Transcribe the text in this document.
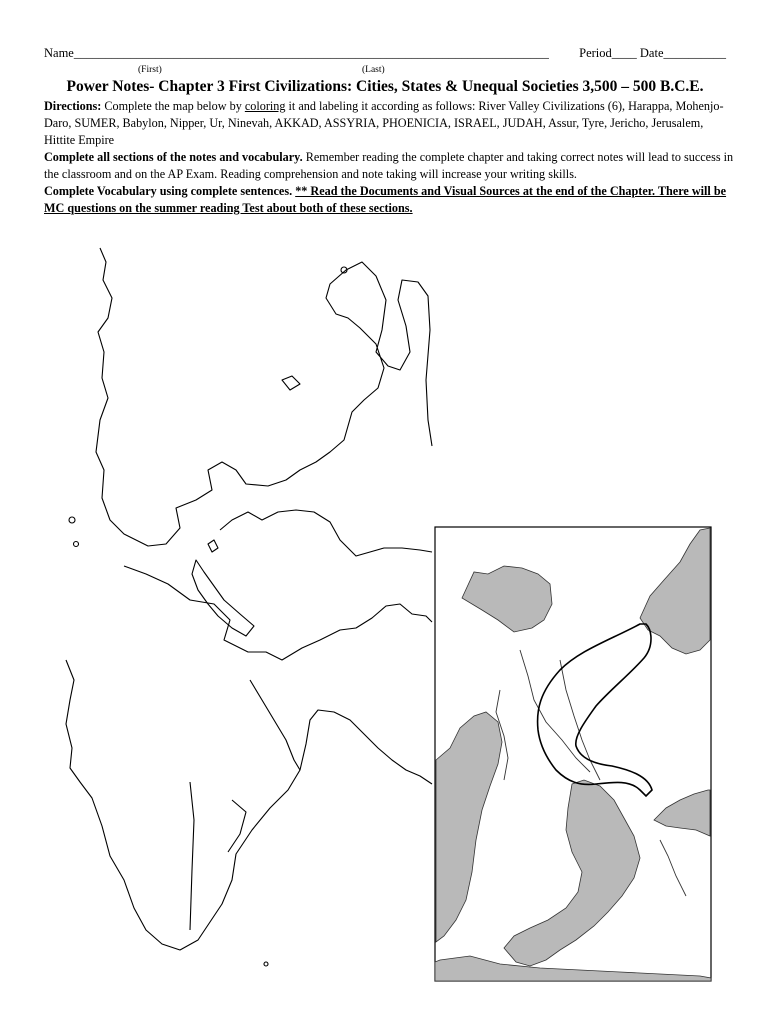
Name____________________________________________________________________________ Period____ Date__________
(First)	(Last)
Power Notes- Chapter 3 First Civilizations: Cities, States & Unequal Societies 3,500 – 500 B.C.E.
Directions: Complete the map below by coloring it and labeling it according as follows: River Valley Civilizations (6), Harappa, Mohenjo-Daro, SUMER, Babylon, Nipper, Ur, Ninevah, AKKAD, ASSYRIA, PHOENICIA, ISRAEL, JUDAH, Assur, Tyre, Jericho, Jerusalem, Hittite Empire
Complete all sections of the notes and vocabulary. Remember reading the complete chapter and taking correct notes will lead to success in the classroom and on the AP Exam. Reading comprehension and note taking will increase your writing skills.
Complete Vocabulary using complete sentences. ** Read the Documents and Visual Sources at the end of the Chapter. There will be MC questions on the summer reading Test about both of these sections.
